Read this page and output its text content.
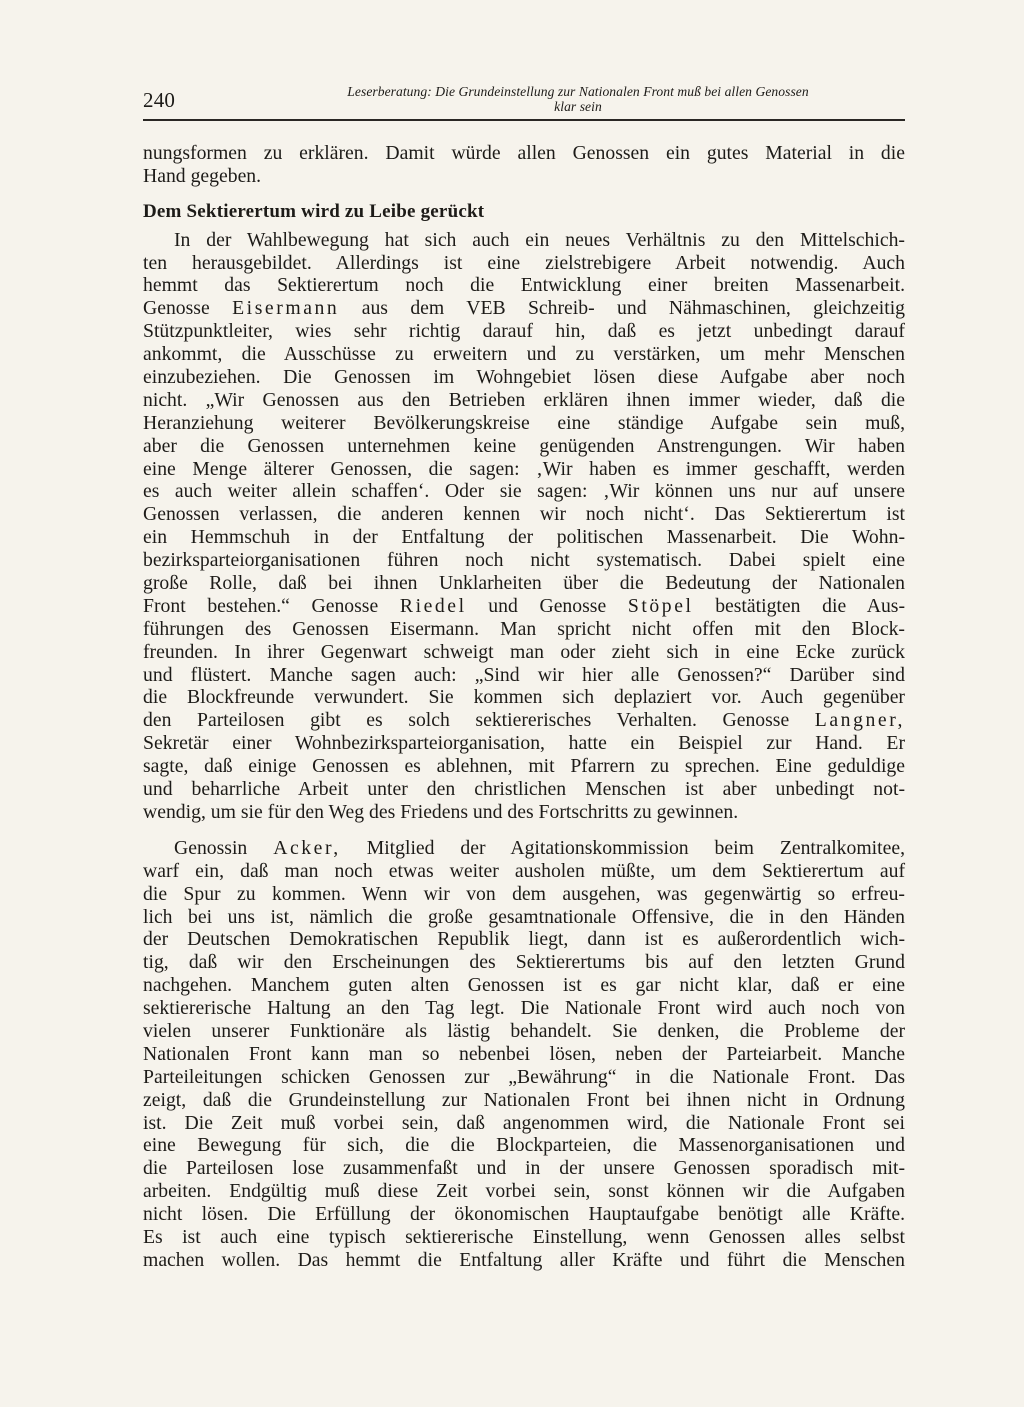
240	Leserberatung: Die Grundeinstellung zur Nationalen Front muß bei allen Genossen
klar sein
nungsformen zu erklären. Damit würde allen Genossen ein gutes Material in die
Hand gegeben.
Dem Sektierertum wird zu Leibe gerückt
In der Wahlbewegung hat sich auch ein neues Verhältnis zu den Mittelschich-
ten herausgebildet. Allerdings ist eine zielstrebigere Arbeit notwendig. Auch
hemmt das Sektierertum noch die Entwicklung einer breiten Massenarbeit.
Genosse Eisermann aus dem VEB Schreib- und Nähmaschinen, gleichzeitig
Stützpunktleiter, wies sehr richtig darauf hin, daß es jetzt unbedingt darauf
ankommt, die Ausschüsse zu erweitern und zu verstärken, um mehr Menschen
einzubeziehen. Die Genossen im Wohngebiet lösen diese Aufgabe aber noch
nicht. „Wir Genossen aus den Betrieben erklären ihnen immer wieder, daß die
Heranziehung weiterer Bevölkerungskreise eine ständige Aufgabe sein muß,
aber die Genossen unternehmen keine genügenden Anstrengungen. Wir haben
eine Menge älterer Genossen, die sagen: ‚Wir haben es immer geschafft, werden
es auch weiter allein schaffen‘. Oder sie sagen: ‚Wir können uns nur auf unsere
Genossen verlassen, die anderen kennen wir noch nicht‘. Das Sektierertum ist
ein Hemmschuh in der Entfaltung der politischen Massenarbeit. Die Wohn-
bezirksparteiorganisationen führen noch nicht systematisch. Dabei spielt eine
große Rolle, daß bei ihnen Unklarheiten über die Bedeutung der Nationalen
Front bestehen.“ Genosse Riedel und Genosse Stöpel bestätigten die Aus-
führungen des Genossen Eisermann. Man spricht nicht offen mit den Block-
freunden. In ihrer Gegenwart schweigt man oder zieht sich in eine Ecke zurück
und flüstert. Manche sagen auch: „Sind wir hier alle Genossen?“ Darüber sind
die Blockfreunde verwundert. Sie kommen sich deplaziert vor. Auch gegenüber
den Parteilosen gibt es solch sektiererisches Verhalten. Genosse Langner,
Sekretär einer Wohnbezirksparteiorganisation, hatte ein Beispiel zur Hand. Er
sagte, daß einige Genossen es ablehnen, mit Pfarrern zu sprechen. Eine geduldige
und beharrliche Arbeit unter den christlichen Menschen ist aber unbedingt not-
wendig, um sie für den Weg des Friedens und des Fortschritts zu gewinnen.
Genossin Acker, Mitglied der Agitationskommission beim Zentralkomitee,
warf ein, daß man noch etwas weiter ausholen müßte, um dem Sektierertum auf
die Spur zu kommen. Wenn wir von dem ausgehen, was gegenwärtig so erfreu-
lich bei uns ist, nämlich die große gesamtnationale Offensive, die in den Händen
der Deutschen Demokratischen Republik liegt, dann ist es außerordentlich wich-
tig, daß wir den Erscheinungen des Sektierertums bis auf den letzten Grund
nachgehen. Manchem guten alten Genossen ist es gar nicht klar, daß er eine
sektiererische Haltung an den Tag legt. Die Nationale Front wird auch noch von
vielen unserer Funktionäre als lästig behandelt. Sie denken, die Probleme der
Nationalen Front kann man so nebenbei lösen, neben der Parteiarbeit. Manche
Parteileitungen schicken Genossen zur „Bewährung“ in die Nationale Front. Das
zeigt, daß die Grundeinstellung zur Nationalen Front bei ihnen nicht in Ordnung
ist. Die Zeit muß vorbei sein, daß angenommen wird, die Nationale Front sei
eine Bewegung für sich, die die Blockparteien, die Massenorganisationen und
die Parteilosen lose zusammenfaßt und in der unsere Genossen sporadisch mit-
arbeiten. Endgültig muß diese Zeit vorbei sein, sonst können wir die Aufgaben
nicht lösen. Die Erfüllung der ökonomischen Hauptaufgabe benötigt alle Kräfte.
Es ist auch eine typisch sektiererische Einstellung, wenn Genossen alles selbst
machen wollen. Das hemmt die Entfaltung aller Kräfte und führt die Menschen
